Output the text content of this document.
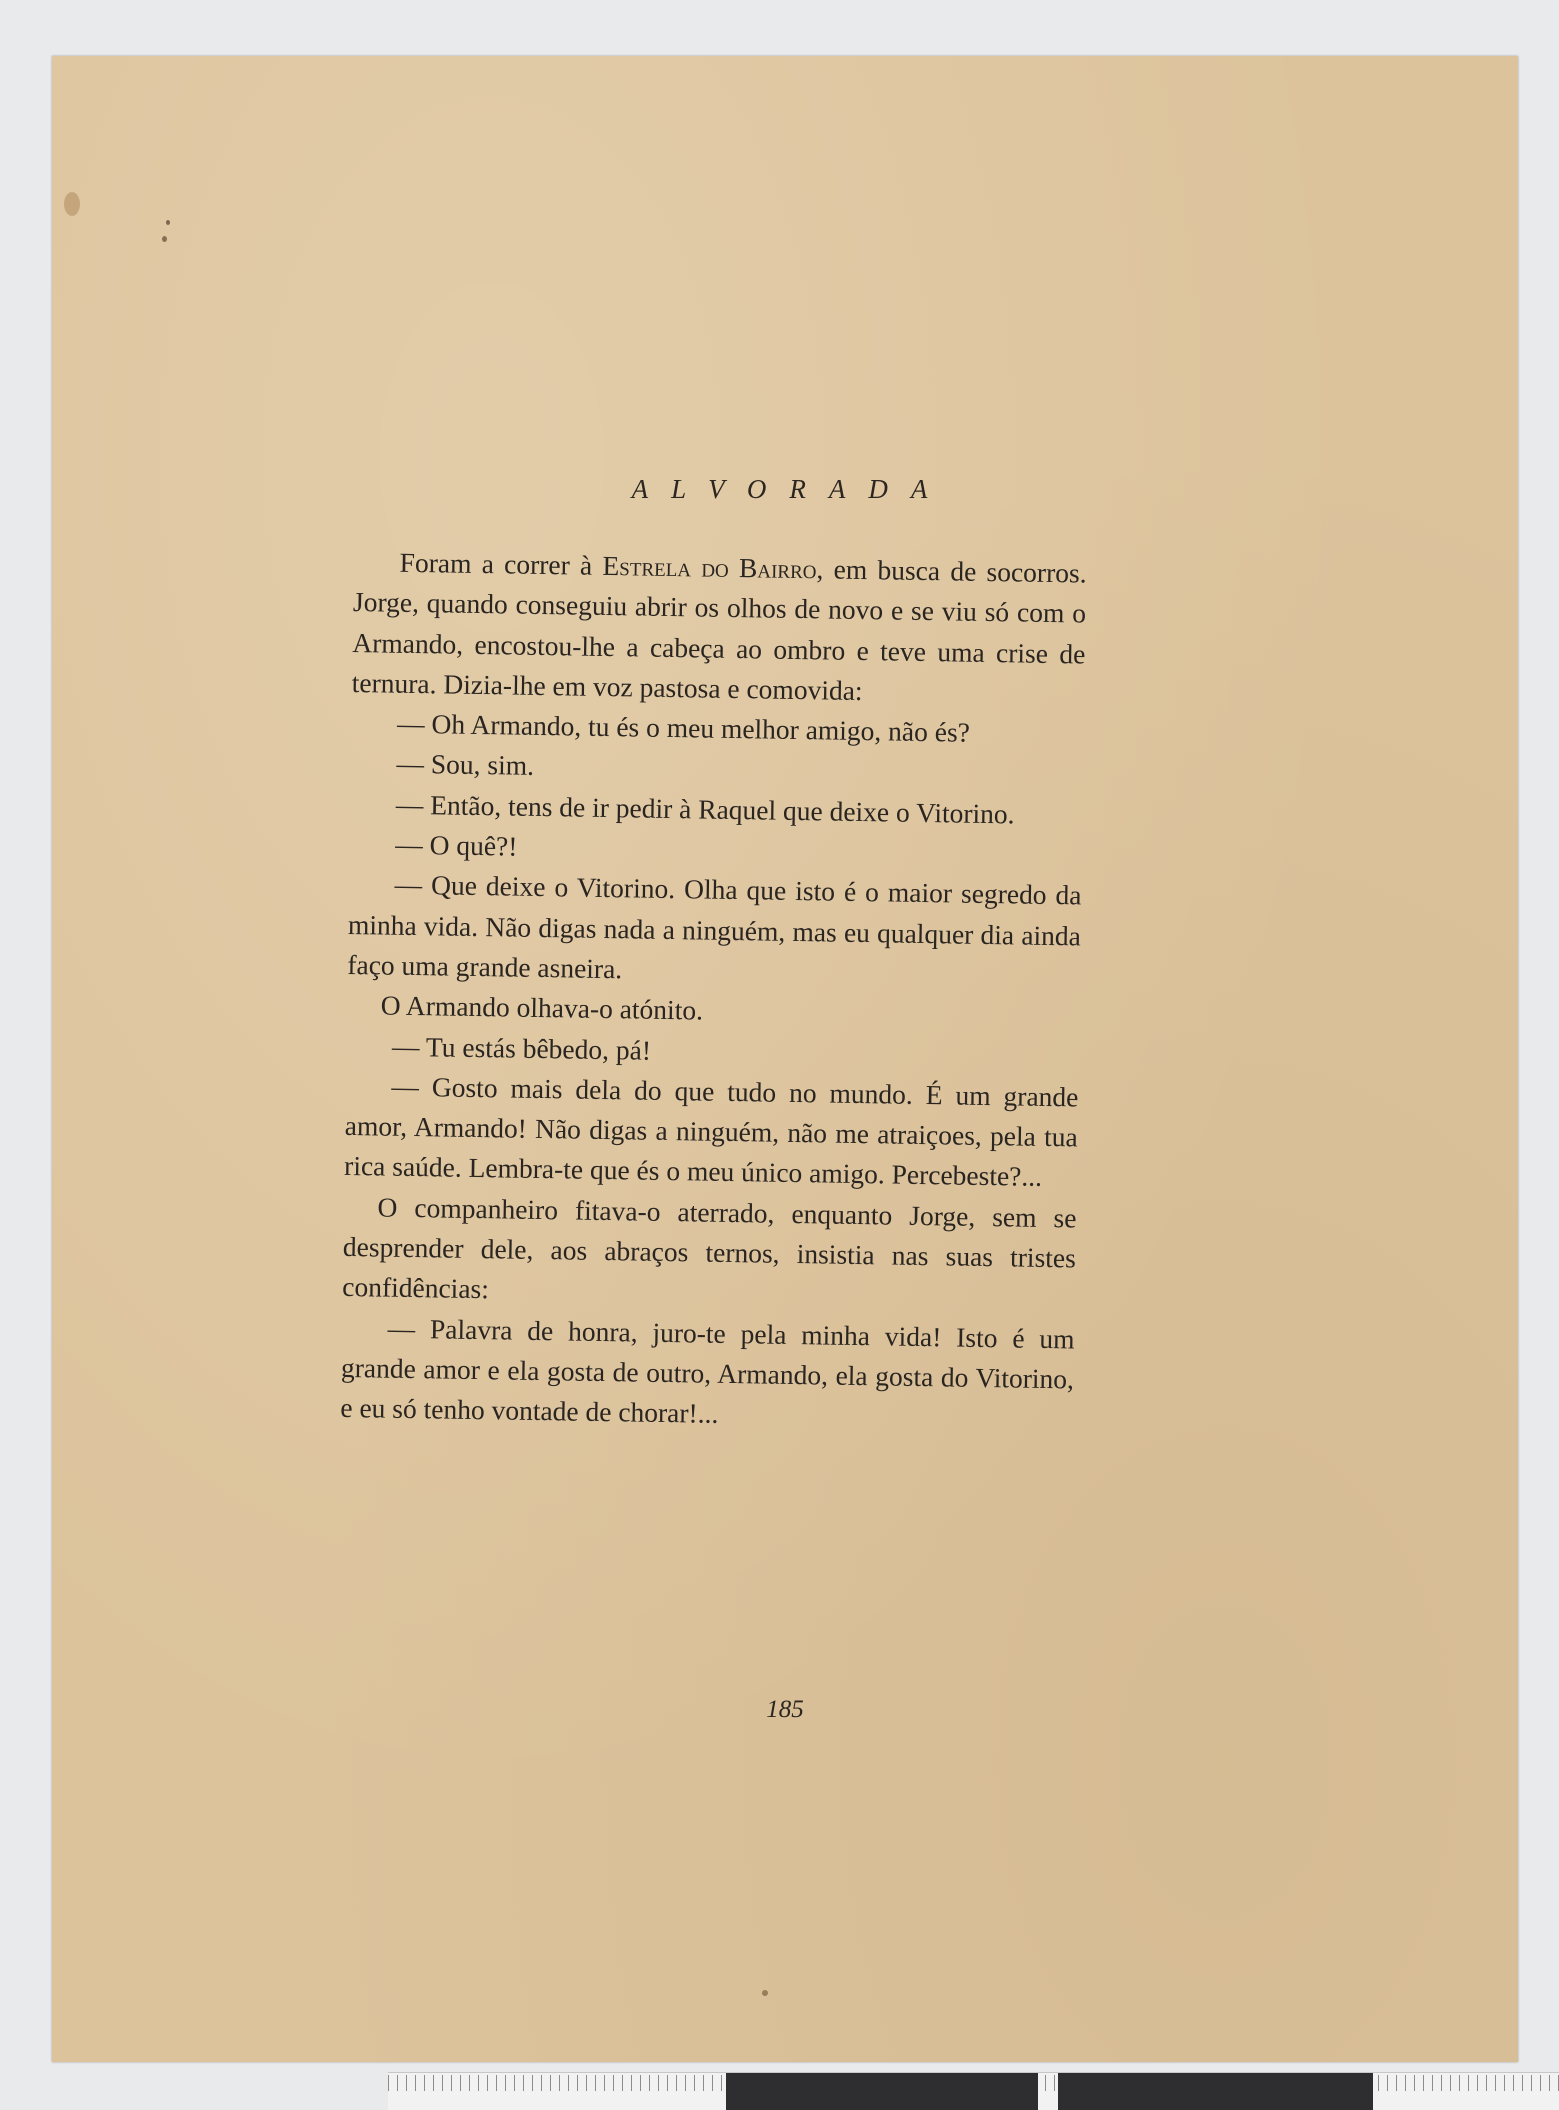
ALVORADA

Foram a correr à Estrela do Bairro, em busca de socorros. Jorge, quando conseguiu abrir os olhos de novo e se viu só com o Armando, encostou-lhe a cabeça ao ombro e teve uma crise de ternura. Dizia-lhe em voz pastosa e comovida:

— Oh Armando, tu és o meu melhor amigo, não és?

— Sou, sim.

— Então, tens de ir pedir à Raquel que deixe o Vitorino.

— O quê?!

— Que deixe o Vitorino. Olha que isto é o maior segredo da minha vida. Não digas nada a ninguém, mas eu qualquer dia ainda faço uma grande asneira.

O Armando olhava-o atónito.

— Tu estás bêbedo, pá!

— Gosto mais dela do que tudo no mundo. É um grande amor, Armando! Não digas a ninguém, não me atraiçoes, pela tua rica saúde. Lembra-te que és o meu único amigo. Percebeste?...

O companheiro fitava-o aterrado, enquanto Jorge, sem se desprender dele, aos abraços ternos, insistia nas suas tristes confidências:

— Palavra de honra, juro-te pela minha vida! Isto é um grande amor e ela gosta de outro, Armando, ela gosta do Vitorino, e eu só tenho vontade de chorar!...

185
